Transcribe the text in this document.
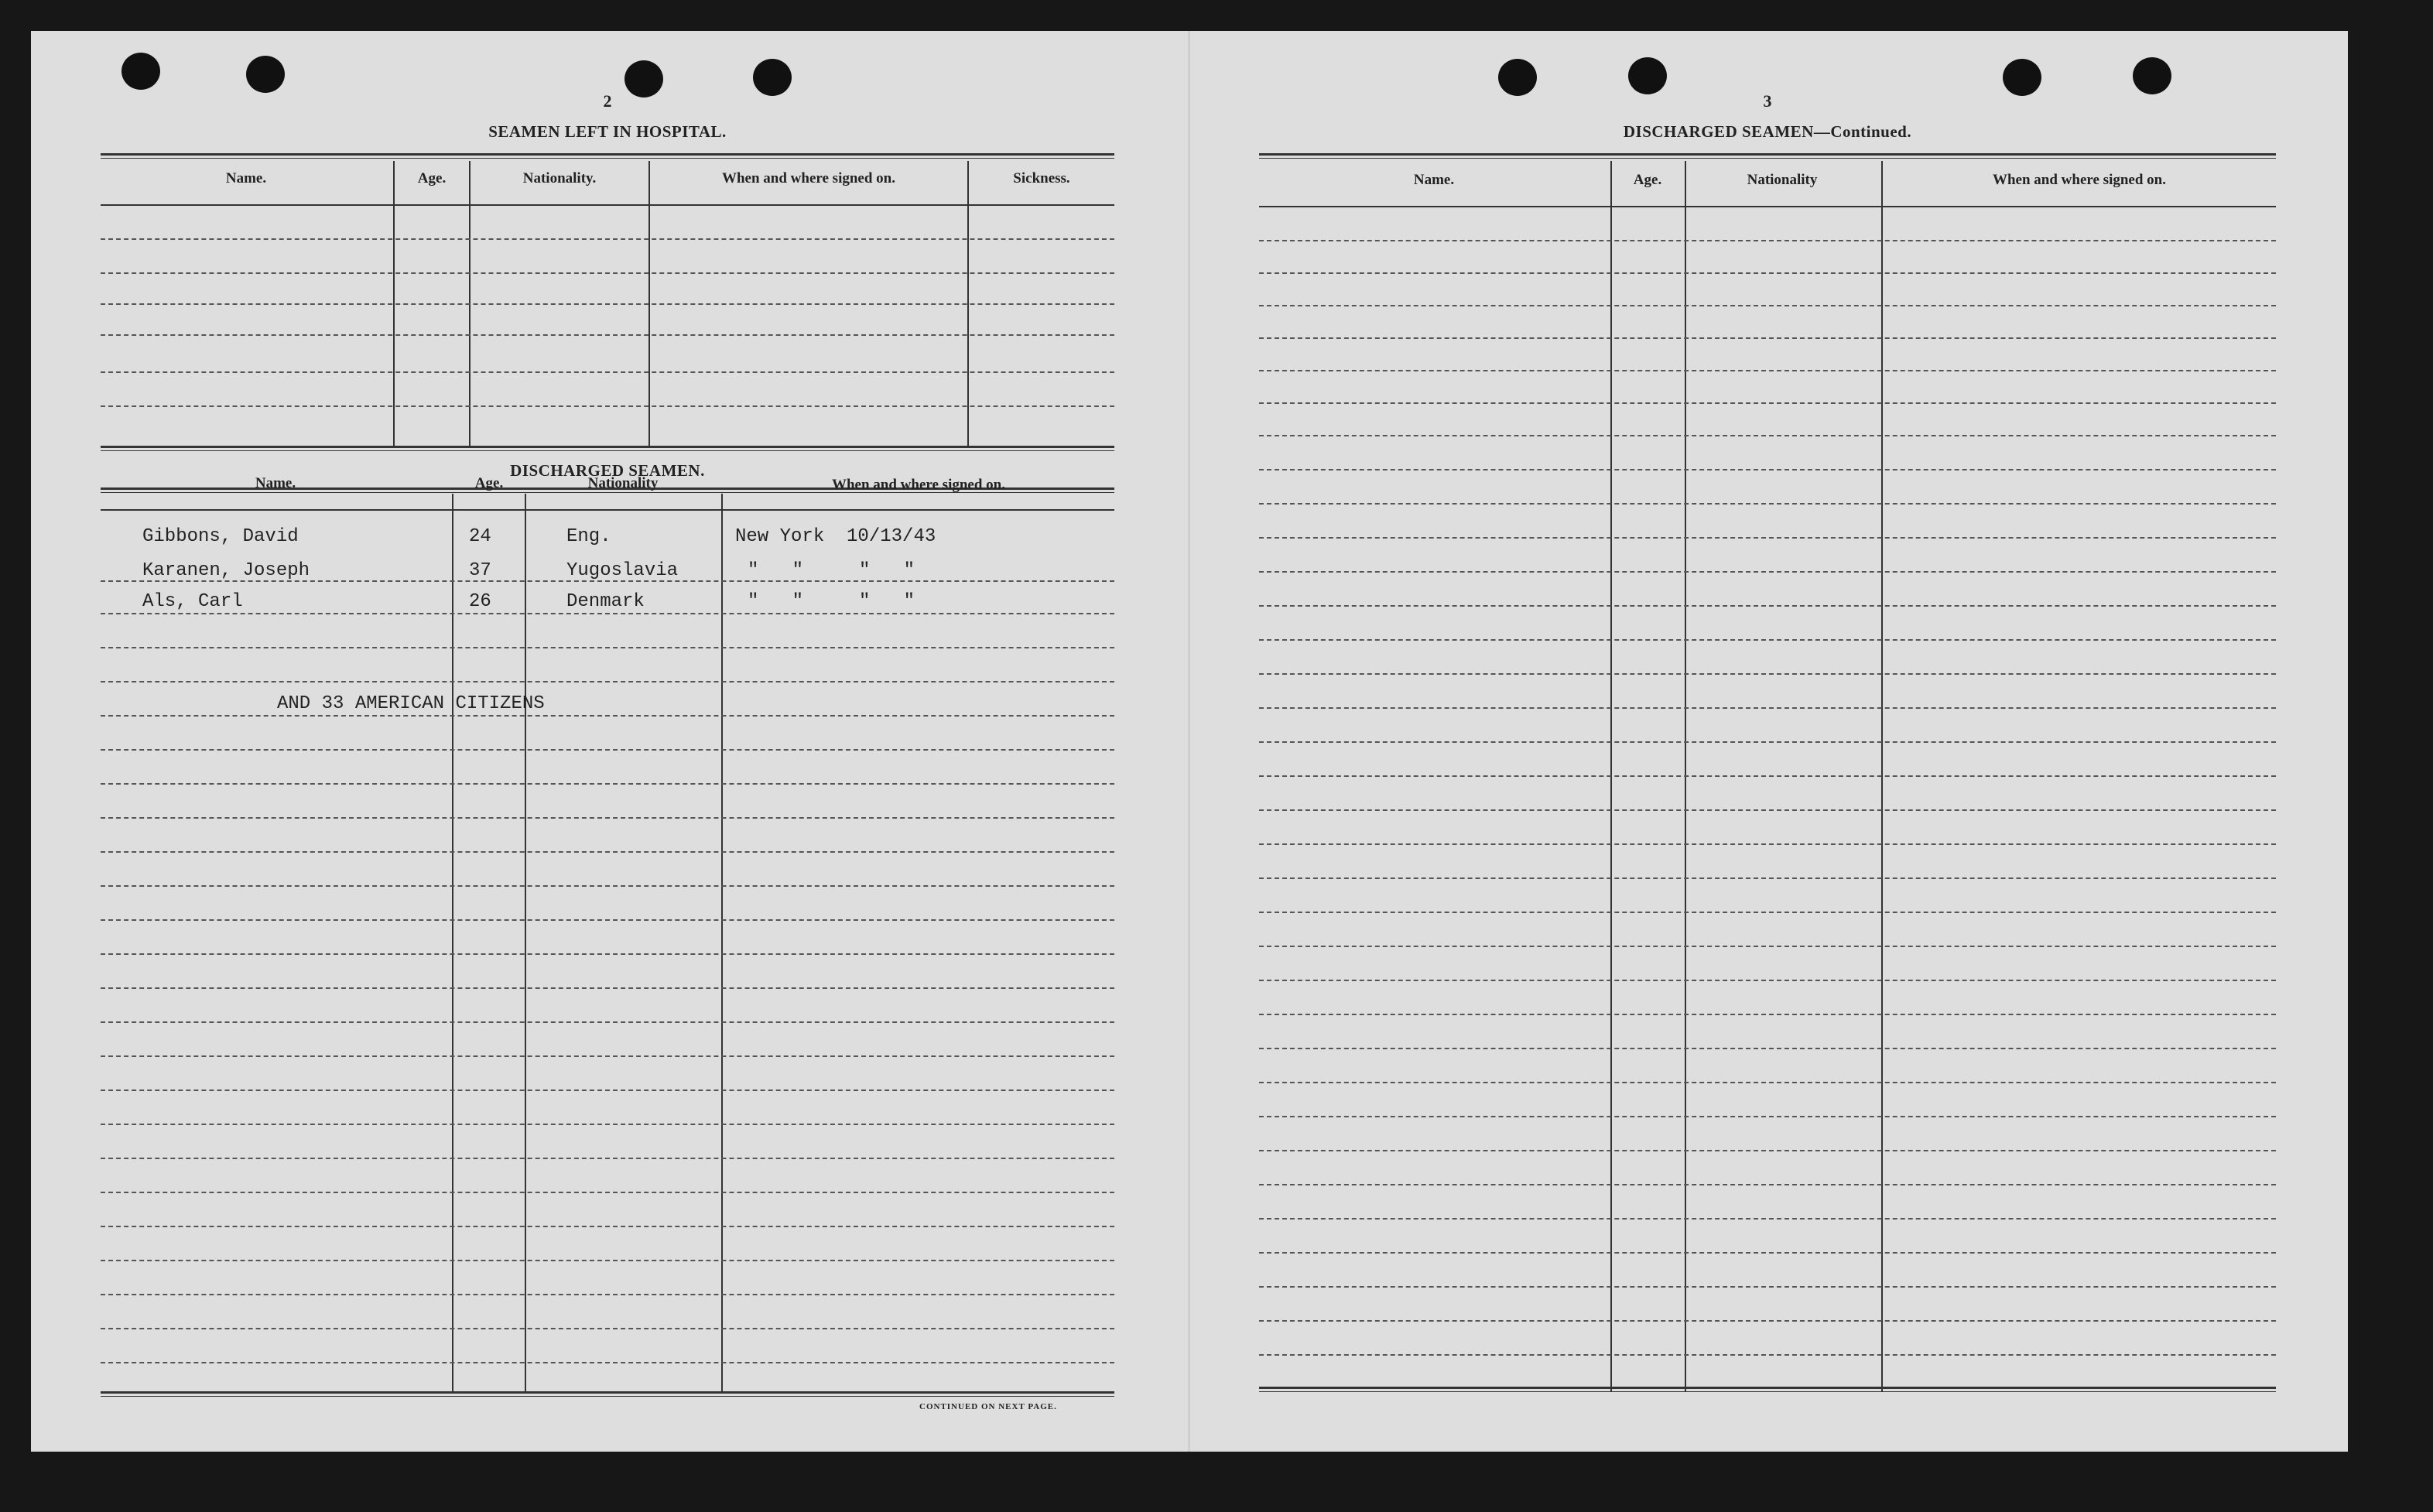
2
SEAMEN LEFT IN HOSPITAL.
Name.	Age.	Nationality.	When and where signed on.	Sickness.
DISCHARGED SEAMEN.
Name.	Age.	Nationality	When and where signed on.
Gibbons, David	24	Eng.	New York  10/13/43
Karanen, Joseph	37	Yugoslavia	"   "     "   "
Als, Carl	26	Denmark	"   "     "   "
AND 33 AMERICAN CITIZENS
CONTINUED ON NEXT PAGE.
3
DISCHARGED SEAMEN—Continued.
Name.	Age.	Nationality	When and where signed on.
